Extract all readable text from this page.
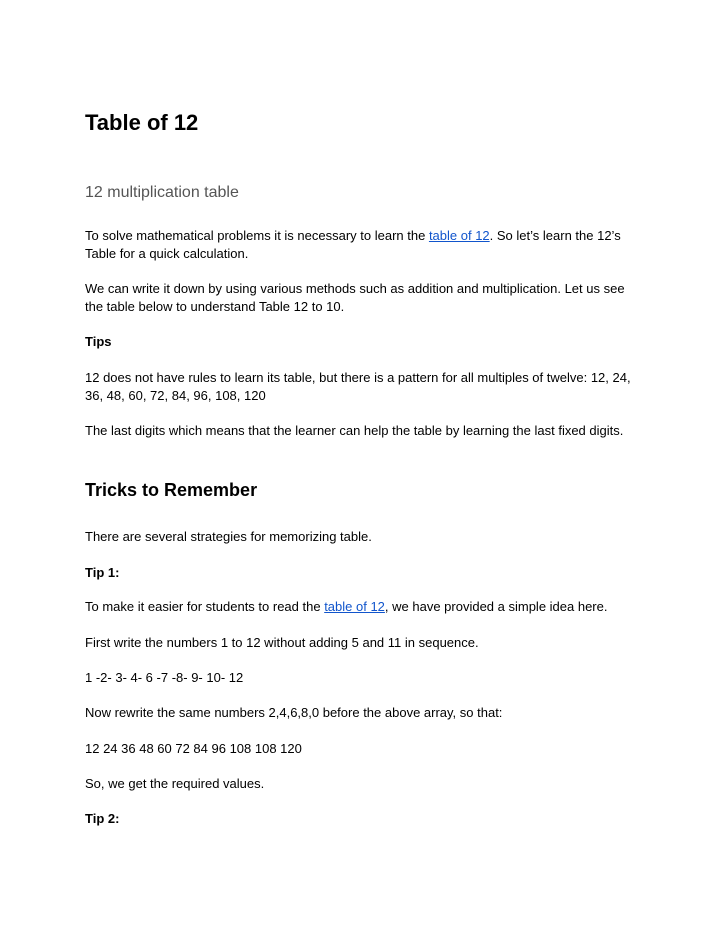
Table of 12
12 multiplication table

To solve mathematical problems it is necessary to learn the table of 12. So let’s learn the 12’s Table for a quick calculation.

We can write it down by using various methods such as addition and multiplication. Let us see the table below to understand Table 12 to 10.

Tips

12 does not have rules to learn its table, but there is a pattern for all multiples of twelve: 12, 24, 36, 48, 60, 72, 84, 96, 108, 120

The last digits which means that the learner can help the table by learning the last fixed digits.

Tricks to Remember

There are several strategies for memorizing table.

Tip 1:

To make it easier for students to read the table of 12, we have provided a simple idea here.

First write the numbers 1 to 12 without adding 5 and 11 in sequence.

1 -2- 3- 4- 6 -7 -8- 9- 10- 12

Now rewrite the same numbers 2,4,6,8,0 before the above array, so that:

12 24 36 48 60 72 84 96 108 108 120

So, we get the required values.

Tip 2:
